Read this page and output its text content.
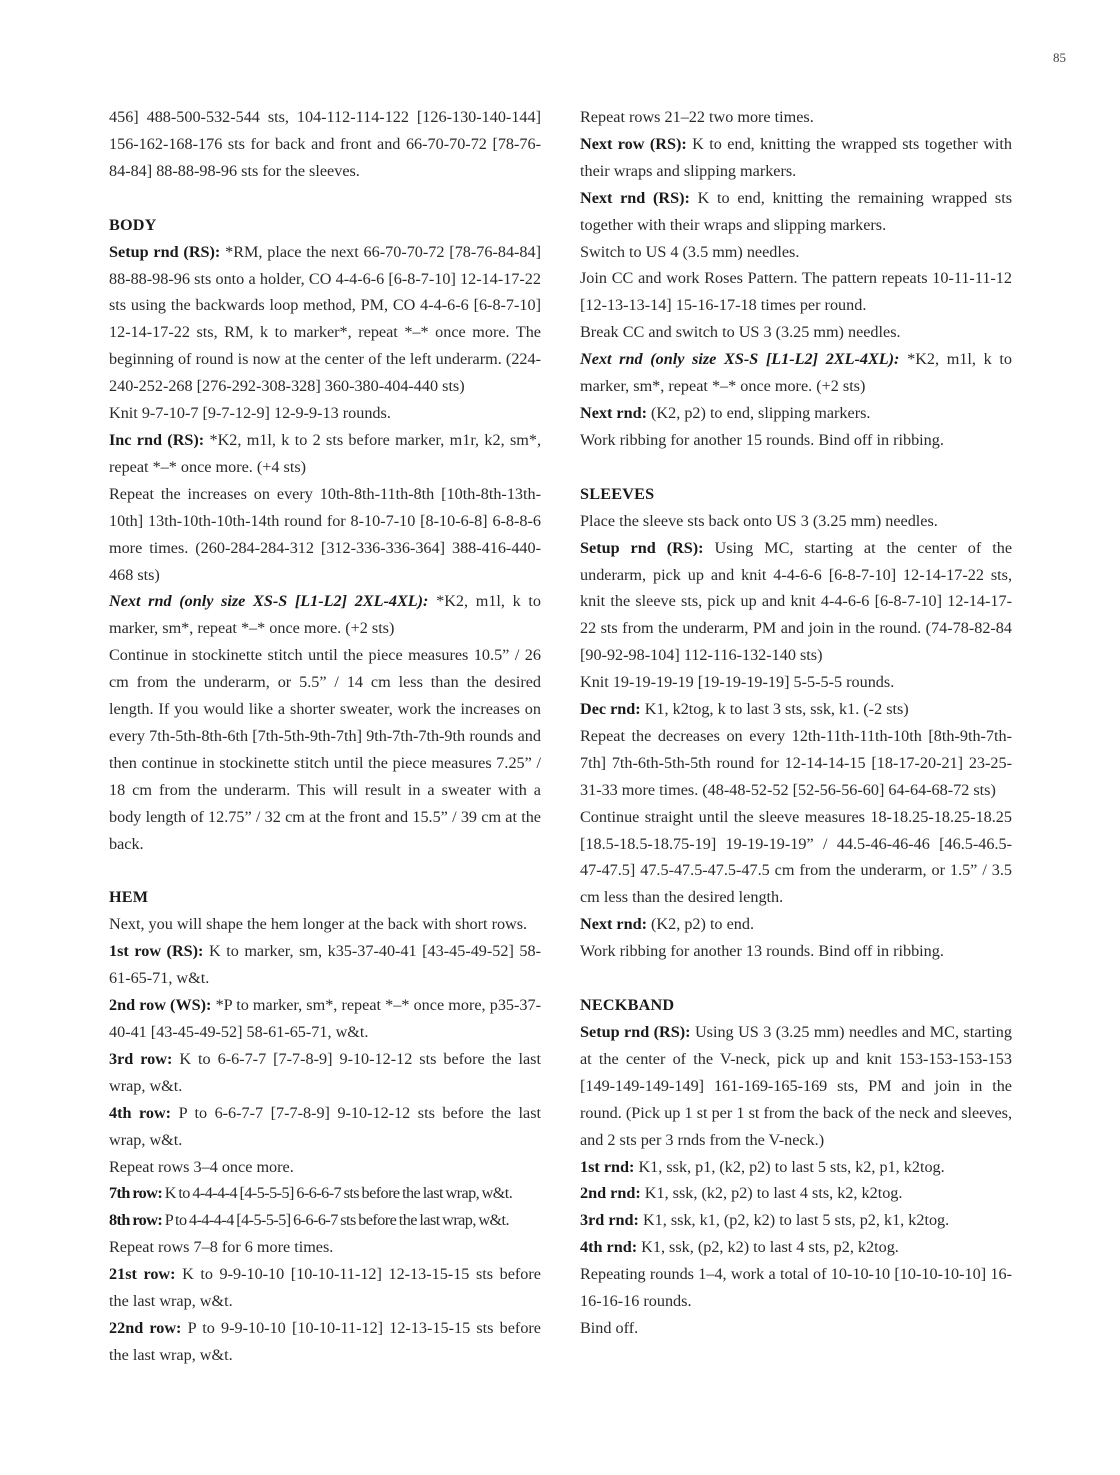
85

456] 488-500-532-544 sts, 104-112-114-122 [126-130-140-144] 156-162-168-176 sts for back and front and 66-70-70-72 [78-76-84-84] 88-88-98-96 sts for the sleeves.

BODY

Setup rnd (RS): *RM, place the next 66-70-70-72 [78-76-84-84] 88-88-98-96 sts onto a holder, CO 4-4-6-6 [6-8-7-10] 12-14-17-22 sts using the backwards loop method, PM, CO 4-4-6-6 [6-8-7-10] 12-14-17-22 sts, RM, k to marker*, repeat *–* once more. The beginning of round is now at the center of the left underarm. (224-240-252-268 [276-292-308-328] 360-380-404-440 sts)

Knit 9-7-10-7 [9-7-12-9] 12-9-9-13 rounds.

Inc rnd (RS): *K2, m1l, k to 2 sts before marker, m1r, k2, sm*, repeat *–* once more. (+4 sts)

Repeat the increases on every 10th-8th-11th-8th [10th-8th-13th-10th] 13th-10th-10th-14th round for 8-10-7-10 [8-10-6-8] 6-8-8-6 more times. (260-284-284-312 [312-336-336-364] 388-416-440-468 sts)

Next rnd (only size XS-S [L1-L2] 2XL-4XL): *K2, m1l, k to marker, sm*, repeat *–* once more. (+2 sts)

Continue in stockinette stitch until the piece measures 10.5” / 26 cm from the underarm, or 5.5” / 14 cm less than the desired length. If you would like a shorter sweater, work the increases on every 7th-5th-8th-6th [7th-5th-9th-7th] 9th-7th-7th-9th rounds and then continue in stockinette stitch until the piece measures 7.25” / 18 cm from the underarm. This will result in a sweater with a body length of 12.75” / 32 cm at the front and 15.5” / 39 cm at the back.

HEM

Next, you will shape the hem longer at the back with short rows.

1st row (RS): K to marker, sm, k35-37-40-41 [43-45-49-52] 58-61-65-71, w&t.

2nd row (WS): *P to marker, sm*, repeat *–* once more, p35-37-40-41 [43-45-49-52] 58-61-65-71, w&t.

3rd row: K to 6-6-7-7 [7-7-8-9] 9-10-12-12 sts before the last wrap, w&t.

4th row: P to 6-6-7-7 [7-7-8-9] 9-10-12-12 sts before the last wrap, w&t.

Repeat rows 3–4 once more.

7th row: K to 4-4-4-4 [4-5-5-5] 6-6-6-7 sts before the last wrap, w&t.

8th row: P to 4-4-4-4 [4-5-5-5] 6-6-6-7 sts before the last wrap, w&t.

Repeat rows 7–8 for 6 more times.

21st row: K to 9-9-10-10 [10-10-11-12] 12-13-15-15 sts before the last wrap, w&t.

22nd row: P to 9-9-10-10 [10-10-11-12] 12-13-15-15 sts before the last wrap, w&t.

Repeat rows 21–22 two more times.

Next row (RS): K to end, knitting the wrapped sts together with their wraps and slipping markers.

Next rnd (RS): K to end, knitting the remaining wrapped sts together with their wraps and slipping markers.

Switch to US 4 (3.5 mm) needles.

Join CC and work Roses Pattern. The pattern repeats 10-11-11-12 [12-13-13-14] 15-16-17-18 times per round.

Break CC and switch to US 3 (3.25 mm) needles.

Next rnd (only size XS-S [L1-L2] 2XL-4XL): *K2, m1l, k to marker, sm*, repeat *–* once more. (+2 sts)

Next rnd: (K2, p2) to end, slipping markers.

Work ribbing for another 15 rounds. Bind off in ribbing.

SLEEVES

Place the sleeve sts back onto US 3 (3.25 mm) needles.

Setup rnd (RS): Using MC, starting at the center of the underarm, pick up and knit 4-4-6-6 [6-8-7-10] 12-14-17-22 sts, knit the sleeve sts, pick up and knit 4-4-6-6 [6-8-7-10] 12-14-17-22 sts from the underarm, PM and join in the round. (74-78-82-84 [90-92-98-104] 112-116-132-140 sts)

Knit 19-19-19-19 [19-19-19-19] 5-5-5-5 rounds.

Dec rnd: K1, k2tog, k to last 3 sts, ssk, k1. (-2 sts)

Repeat the decreases on every 12th-11th-11th-10th [8th-9th-7th-7th] 7th-6th-5th-5th round for 12-14-14-15 [18-17-20-21] 23-25-31-33 more times. (48-48-52-52 [52-56-56-60] 64-64-68-72 sts)

Continue straight until the sleeve measures 18-18.25-18.25-18.25 [18.5-18.5-18.75-19] 19-19-19-19” / 44.5-46-46-46 [46.5-46.5-47-47.5] 47.5-47.5-47.5-47.5 cm from the underarm, or 1.5” / 3.5 cm less than the desired length.

Next rnd: (K2, p2) to end.

Work ribbing for another 13 rounds. Bind off in ribbing.

NECKBAND

Setup rnd (RS): Using US 3 (3.25 mm) needles and MC, starting at the center of the V-neck, pick up and knit 153-153-153-153 [149-149-149-149] 161-169-165-169 sts, PM and join in the round. (Pick up 1 st per 1 st from the back of the neck and sleeves, and 2 sts per 3 rnds from the V-neck.)

1st rnd: K1, ssk, p1, (k2, p2) to last 5 sts, k2, p1, k2tog.

2nd rnd: K1, ssk, (k2, p2) to last 4 sts, k2, k2tog.

3rd rnd: K1, ssk, k1, (p2, k2) to last 5 sts, p2, k1, k2tog.

4th rnd: K1, ssk, (p2, k2) to last 4 sts, p2, k2tog.

Repeating rounds 1–4, work a total of 10-10-10 [10-10-10-10] 16-16-16-16 rounds.

Bind off.
